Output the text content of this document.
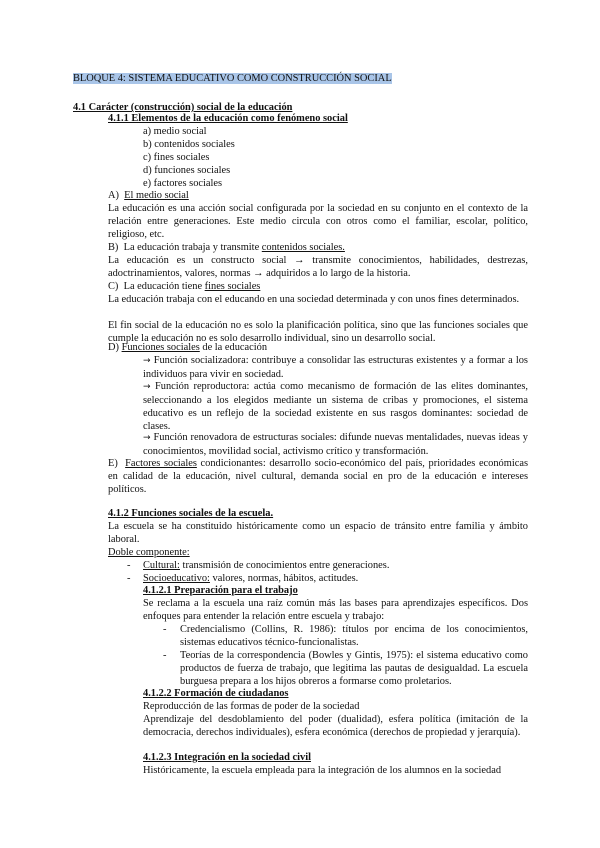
BLOQUE 4: SISTEMA EDUCATIVO COMO CONSTRUCCIÓN SOCIAL
4.1 Carácter (construcción) social de la educación
4.1.1 Elementos de la educación como fenómeno social
a) medio social
b) contenidos sociales
c) fines sociales
d) funciones sociales
e) factores sociales
A) El medio social
La educación es una acción social configurada por la sociedad en su conjunto en el contexto de la relación entre generaciones. Este medio circula con otros como el familiar, escolar, político, religioso, etc.
B) La educación trabaja y transmite contenidos sociales.
La educación es un constructo social → transmite conocimientos, habilidades, destrezas, adoctrinamientos, valores, normas → adquiridos a lo largo de la historia.
C) La educación tiene fines sociales
La educación trabaja con el educando en una sociedad determinada y con unos fines determinados.
El fin social de la educación no es solo la planificación política, sino que las funciones sociales que cumple la educación no es solo desarrollo individual, sino un desarrollo social.
D) Funciones sociales de la educación
→ Función socializadora: contribuye a consolidar las estructuras existentes y a formar a los individuos para vivir en sociedad.
→ Función reproductora: actúa como mecanismo de formación de las elites dominantes, seleccionando a los elegidos mediante un sistema de cribas y promociones, el sistema educativo es un reflejo de la sociedad existente en sus rasgos dominantes: sociedad de clases.
→ Función renovadora de estructuras sociales: difunde nuevas mentalidades, nuevas ideas y conocimientos, movilidad social, activismo crítico y transformación.
E) Factores sociales condicionantes: desarrollo socio-económico del país, prioridades económicas en calidad de la educación, nivel cultural, demanda social en pro de la educación e intereses políticos.
4.1.2 Funciones sociales de la escuela.
La escuela se ha constituido históricamente como un espacio de tránsito entre familia y ámbito laboral.
Doble componente:
- Cultural: transmisión de conocimientos entre generaciones.
- Socioeducativo: valores, normas, hábitos, actitudes.
4.1.2.1 Preparación para el trabajo
Se reclama a la escuela una raíz común más las bases para aprendizajes específicos. Dos enfoques para entender la relación entre escuela y trabajo:
- Credencialismo (Collins, R. 1986): títulos por encima de los conocimientos, sistemas educativos técnico-funcionalistas.
- Teorías de la correspondencia (Bowles y Gintis, 1975): el sistema educativo como productos de fuerza de trabajo, que legitima las pautas de desigualdad. La escuela burguesa prepara a los hijos obreros a formarse como proletarios.
4.1.2.2 Formación de ciudadanos
Reproducción de las formas de poder de la sociedad
Aprendizaje del desdoblamiento del poder (dualidad), esfera política (imitación de la democracia, derechos individuales), esfera económica (derechos de propiedad y jerarquía).
4.1.2.3 Integración en la sociedad civil
Históricamente, la escuela empleada para la integración de los alumnos en la sociedad
